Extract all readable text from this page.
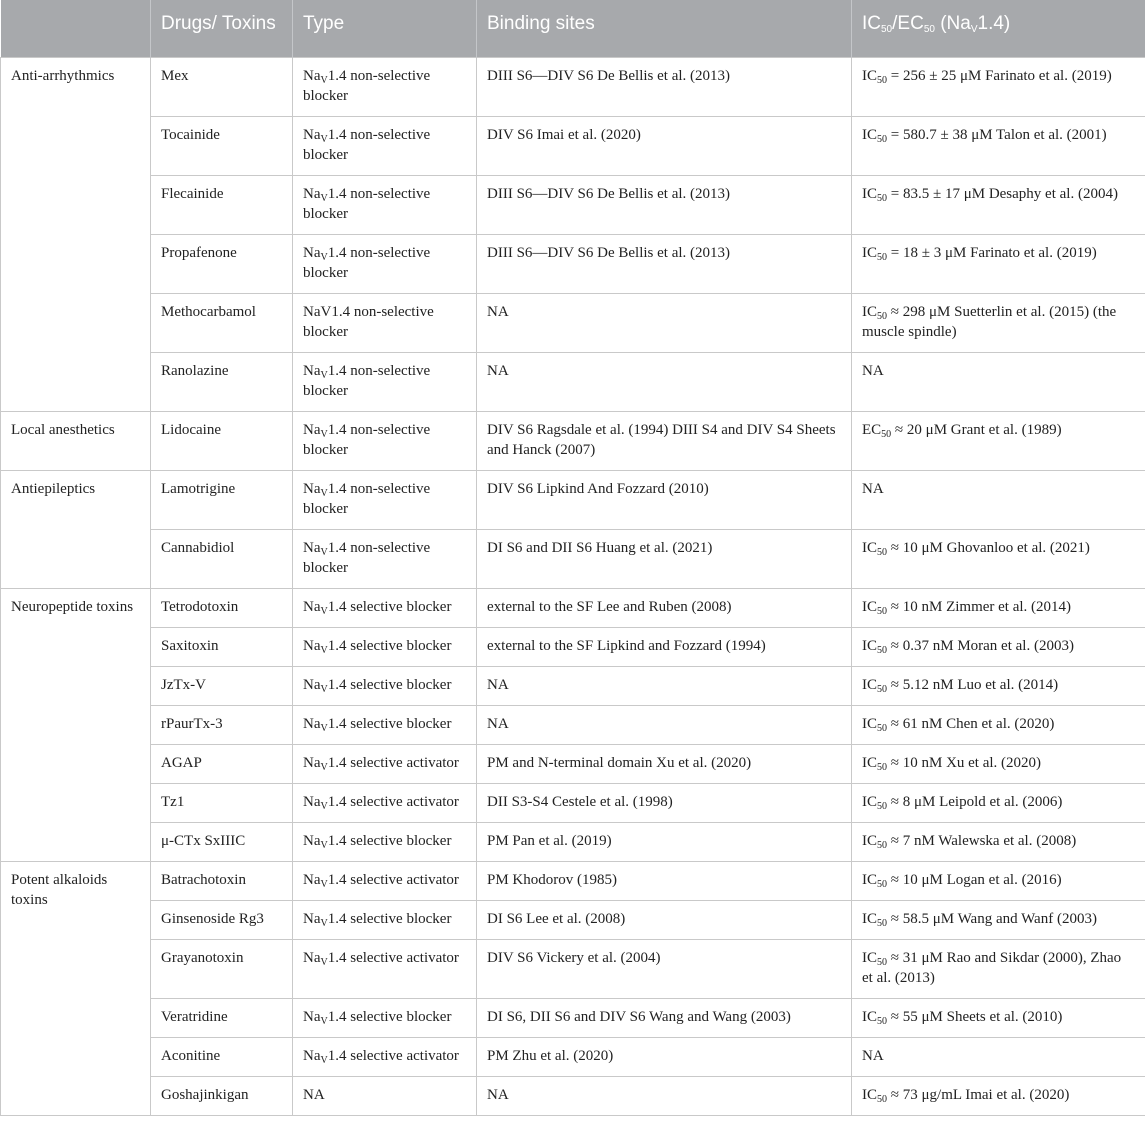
	Drugs/ Toxins	Type	Binding sites	$IC_{50}/EC_{50}$ $(Na_V1.4)$
Anti-arrhythmics	Mex	$Na_V1.4$ non-selective blocker	DIII S6—DIV S6 De Bellis et al. (2013)	$IC_{50} = 256 \pm 25$ μM Farinato et al. (2019)
	Tocainide	$Na_V1.4$ non-selective blocker	DIV S6 Imai et al. (2020)	$IC_{50} = 580.7 \pm 38$ μM Talon et al. (2001)
	Flecainide	$Na_V1.4$ non-selective blocker	DIII S6—DIV S6 De Bellis et al. (2013)	$IC_{50} = 83.5 \pm 17$ μM Desaphy et al. (2004)
	Propafenone	$Na_V1.4$ non-selective blocker	DIII S6—DIV S6 De Bellis et al. (2013)	$IC_{50} = 18 \pm 3$ μM Farinato et al. (2019)
	Methocarbamol	NaV1.4 non-selective blocker	NA	$IC_{50} \approx 298$ μM Suetterlin et al. (2015) (the muscle spindle)
	Ranolazine	$Na_V1.4$ non-selective blocker	NA	NA
Local anesthetics	Lidocaine	$Na_V1.4$ non-selective blocker	DIV S6 Ragsdale et al. (1994) DIII S4 and DIV S4 Sheets and Hanck (2007)	$EC_{50} \approx 20$ μM Grant et al. (1989)
Antiepileptics	Lamotrigine	$Na_V1.4$ non-selective blocker	DIV S6 Lipkind And Fozzard (2010)	NA
	Cannabidiol	$Na_V1.4$ non-selective blocker	DI S6 and DII S6 Huang et al. (2021)	$IC_{50} \approx 10$ μM Ghovanloo et al. (2021)
Neuropeptide toxins	Tetrodotoxin	$Na_V1.4$ selective blocker	external to the SF Lee and Ruben (2008)	$IC_{50} \approx 10$ nM Zimmer et al. (2014)
	Saxitoxin	$Na_V1.4$ selective blocker	external to the SF Lipkind and Fozzard (1994)	$IC_{50} \approx 0.37$ nM Moran et al. (2003)
	JzTx-V	$Na_V1.4$ selective blocker	NA	$IC_{50} \approx 5.12$ nM Luo et al. (2014)
	rPaurTx-3	$Na_V1.4$ selective blocker	NA	$IC_{50} \approx 61$ nM Chen et al. (2020)
	AGAP	$Na_V1.4$ selective activator	PM and N-terminal domain Xu et al. (2020)	$IC_{50} \approx 10$ nM Xu et al. (2020)
	Tz1	$Na_V1.4$ selective activator	DII S3-S4 Cestele et al. (1998)	$IC_{50} \approx 8$ μM Leipold et al. (2006)
	μ-CTx SxIIIC	$Na_V1.4$ selective blocker	PM Pan et al. (2019)	$IC_{50} \approx 7$ nM Walewska et al. (2008)
Potent alkaloids toxins	Batrachotoxin	$Na_V1.4$ selective activator	PM Khodorov (1985)	$IC_{50} \approx 10$ μM Logan et al. (2016)
	Ginsenoside Rg3	$Na_V1.4$ selective blocker	DI S6 Lee et al. (2008)	$IC_{50} \approx 58.5$ μM Wang and Wanf (2003)
	Grayanotoxin	$Na_V1.4$ selective activator	DIV S6 Vickery et al. (2004)	$IC_{50} \approx 31$ μM Rao and Sikdar (2000), Zhao et al. (2013)
	Veratridine	$Na_V1.4$ selective blocker	DI S6, DII S6 and DIV S6 Wang and Wang (2003)	$IC_{50} \approx 55$ μM Sheets et al. (2010)
	Aconitine	$Na_V1.4$ selective activator	PM Zhu et al. (2020)	NA
	Goshajinkigan	NA	NA	$IC_{50} \approx 73$ μg/mL Imai et al. (2020)
